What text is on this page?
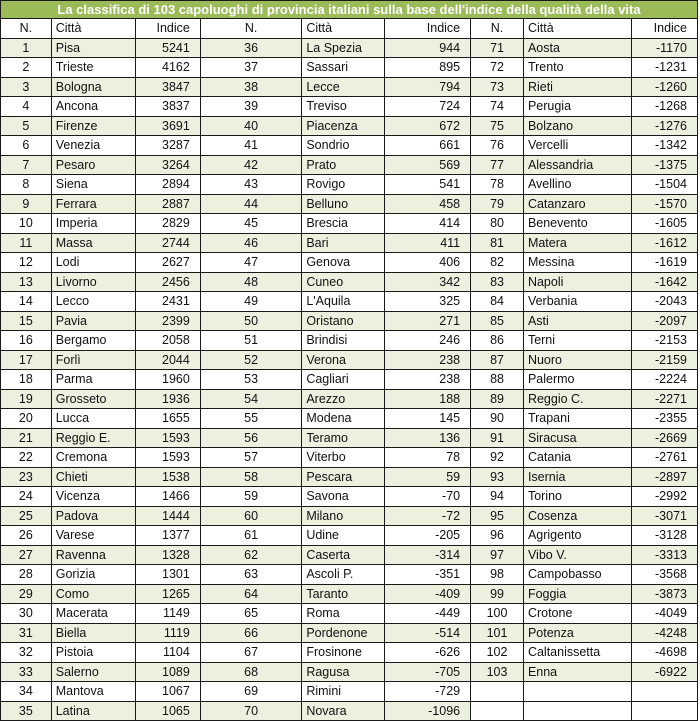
La classifica di 103 capoluoghi di provincia italiani sulla base dell'indice della qualità della vita								
N.	Città	Indice	N.	Città	Indice	N.	Città	Indice
1	Pisa	5241	36	La Spezia	944	71	Aosta	-1170
2	Trieste	4162	37	Sassari	895	72	Trento	-1231
3	Bologna	3847	38	Lecce	794	73	Rieti	-1260
4	Ancona	3837	39	Treviso	724	74	Perugia	-1268
5	Firenze	3691	40	Piacenza	672	75	Bolzano	-1276
6	Venezia	3287	41	Sondrio	661	76	Vercelli	-1342
7	Pesaro	3264	42	Prato	569	77	Alessandria	-1375
8	Siena	2894	43	Rovigo	541	78	Avellino	-1504
9	Ferrara	2887	44	Belluno	458	79	Catanzaro	-1570
10	Imperia	2829	45	Brescia	414	80	Benevento	-1605
11	Massa	2744	46	Bari	411	81	Matera	-1612
12	Lodi	2627	47	Genova	406	82	Messina	-1619
13	Livorno	2456	48	Cuneo	342	83	Napoli	-1642
14	Lecco	2431	49	L'Aquila	325	84	Verbania	-2043
15	Pavia	2399	50	Oristano	271	85	Asti	-2097
16	Bergamo	2058	51	Brindisi	246	86	Terni	-2153
17	Forlì	2044	52	Verona	238	87	Nuoro	-2159
18	Parma	1960	53	Cagliari	238	88	Palermo	-2224
19	Grosseto	1936	54	Arezzo	188	89	Reggio C.	-2271
20	Lucca	1655	55	Modena	145	90	Trapani	-2355
21	Reggio E.	1593	56	Teramo	136	91	Siracusa	-2669
22	Cremona	1593	57	Viterbo	78	92	Catania	-2761
23	Chieti	1538	58	Pescara	59	93	Isernia	-2897
24	Vicenza	1466	59	Savona	-70	94	Torino	-2992
25	Padova	1444	60	Milano	-72	95	Cosenza	-3071
26	Varese	1377	61	Udine	-205	96	Agrigento	-3128
27	Ravenna	1328	62	Caserta	-314	97	Vibo V.	-3313
28	Gorizia	1301	63	Ascoli P.	-351	98	Campobasso	-3568
29	Como	1265	64	Taranto	-409	99	Foggia	-3873
30	Macerata	1149	65	Roma	-449	100	Crotone	-4049
31	Biella	1119	66	Pordenone	-514	101	Potenza	-4248
32	Pistoia	1104	67	Frosinone	-626	102	Caltanissetta	-4698
33	Salerno	1089	68	Ragusa	-705	103	Enna	-6922
34	Mantova	1067	69	Rimini	-729			
35	Latina	1065	70	Novara	-1096			
